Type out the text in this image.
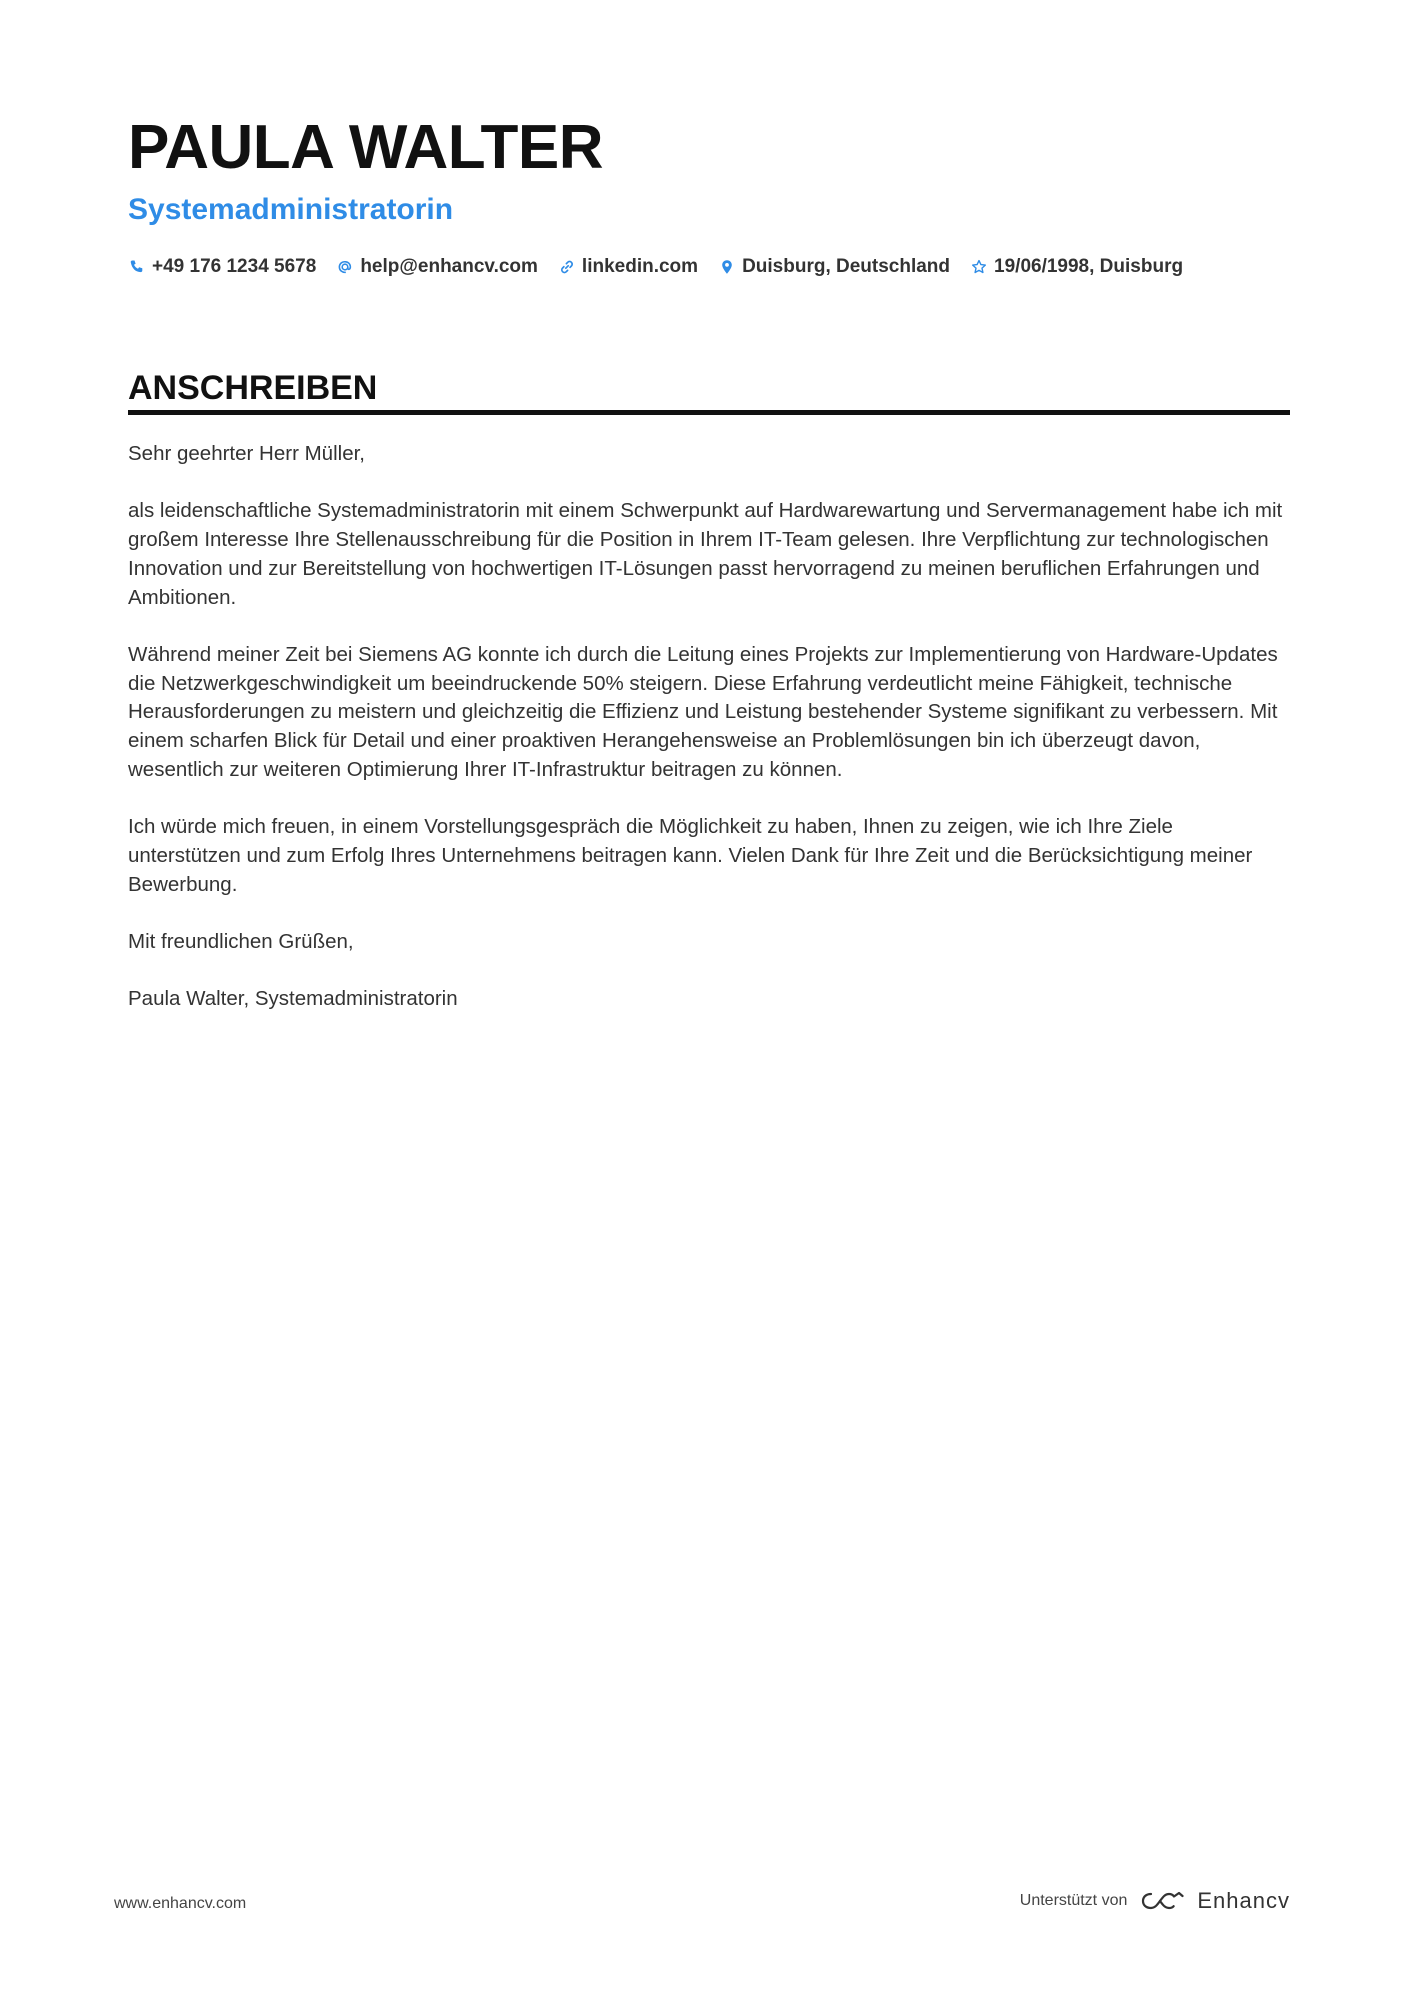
PAULA WALTER
Systemadministratorin
+49 176 1234 5678 help@enhancv.com linkedin.com Duisburg, Deutschland 19/06/1998, Duisburg
ANSCHREIBEN

Sehr geehrter Herr Müller,

als leidenschaftliche Systemadministratorin mit einem Schwerpunkt auf Hardwarewartung und Servermanagement habe ich mit großem Interesse Ihre Stellenausschreibung für die Position in Ihrem IT-Team gelesen. Ihre Verpflichtung zur technologischen Innovation und zur Bereitstellung von hochwertigen IT-Lösungen passt hervorragend zu meinen beruflichen Erfahrungen und Ambitionen.

Während meiner Zeit bei Siemens AG konnte ich durch die Leitung eines Projekts zur Implementierung von Hardware-Updates die Netzwerkgeschwindigkeit um beeindruckende 50% steigern. Diese Erfahrung verdeutlicht meine Fähigkeit, technische Herausforderungen zu meistern und gleichzeitig die Effizienz und Leistung bestehender Systeme signifikant zu verbessern. Mit einem scharfen Blick für Detail und einer proaktiven Herangehensweise an Problemlösungen bin ich überzeugt davon, wesentlich zur weiteren Optimierung Ihrer IT-Infrastruktur beitragen zu können.

Ich würde mich freuen, in einem Vorstellungsgespräch die Möglichkeit zu haben, Ihnen zu zeigen, wie ich Ihre Ziele unterstützen und zum Erfolg Ihres Unternehmens beitragen kann. Vielen Dank für Ihre Zeit und die Berücksichtigung meiner Bewerbung.

Mit freundlichen Grüßen,

Paula Walter, Systemadministratorin

www.enhancv.com	Unterstützt von	Enhancv
